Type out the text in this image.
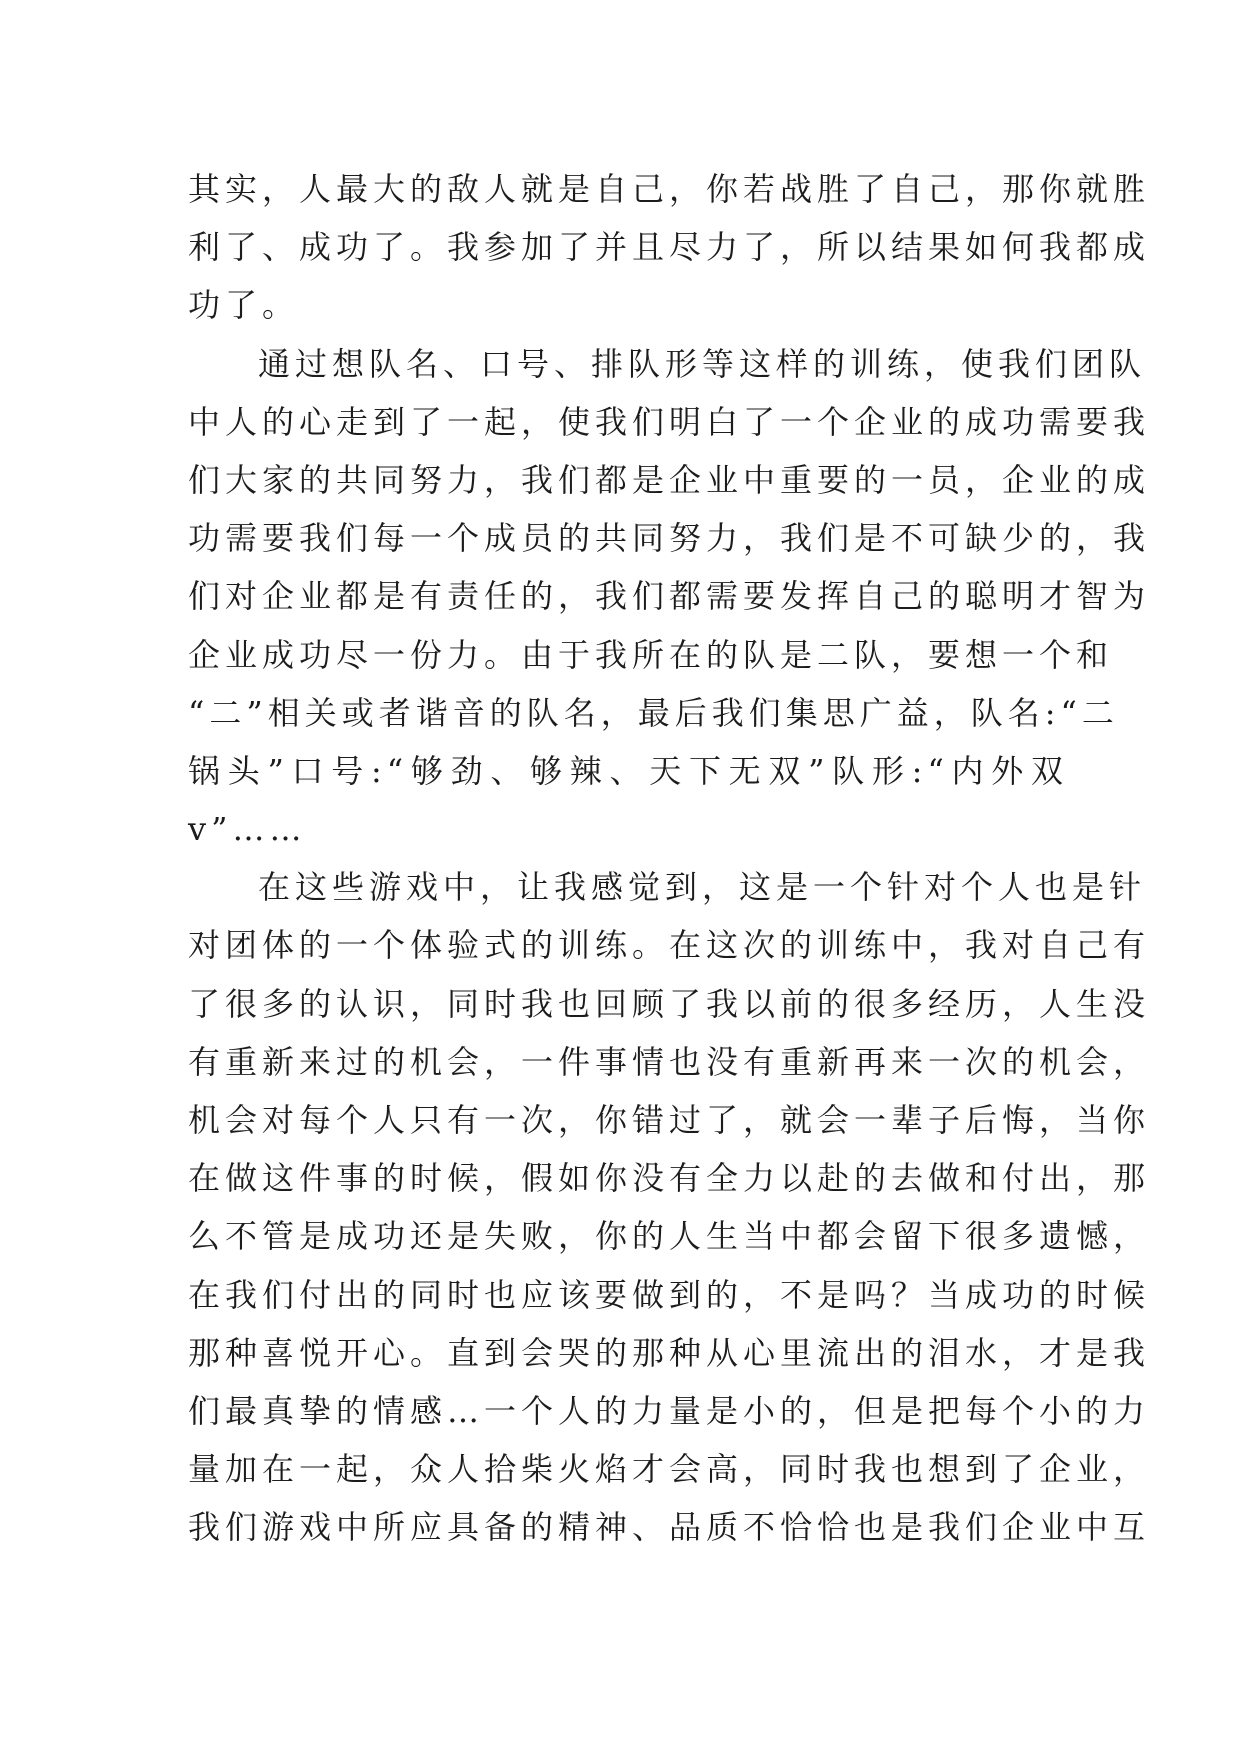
其实，人最大的敌人就是自己，你若战胜了自己，那你就胜
利了、成功了。我参加了并且尽力了，所以结果如何我都成
功了。
通过想队名、口号、排队形等这样的训练，使我们团队
中人的心走到了一起，使我们明白了一个企业的成功需要我
们大家的共同努力，我们都是企业中重要的一员，企业的成
功需要我们每一个成员的共同努力，我们是不可缺少的，我
们对企业都是有责任的，我们都需要发挥自己的聪明才智为
企业成功尽一份力。由于我所在的队是二队，要想一个和
“二”相关或者谐音的队名，最后我们集思广益，队名:“二
锅头”口号:“够劲、够辣、天下无双”队形:“内外双
v”……
在这些游戏中，让我感觉到，这是一个针对个人也是针
对团体的一个体验式的训练。在这次的训练中，我对自己有
了很多的认识，同时我也回顾了我以前的很多经历，人生没
有重新来过的机会，一件事情也没有重新再来一次的机会，
机会对每个人只有一次，你错过了，就会一辈子后悔，当你
在做这件事的时候，假如你没有全力以赴的去做和付出，那
么不管是成功还是失败，你的人生当中都会留下很多遗憾，
在我们付出的同时也应该要做到的，不是吗？当成功的时候
那种喜悦开心。直到会哭的那种从心里流出的泪水，才是我
们最真挚的情感…一个人的力量是小的，但是把每个小的力
量加在一起，众人拾柴火焰才会高，同时我也想到了企业，
我们游戏中所应具备的精神、品质不恰恰也是我们企业中互
